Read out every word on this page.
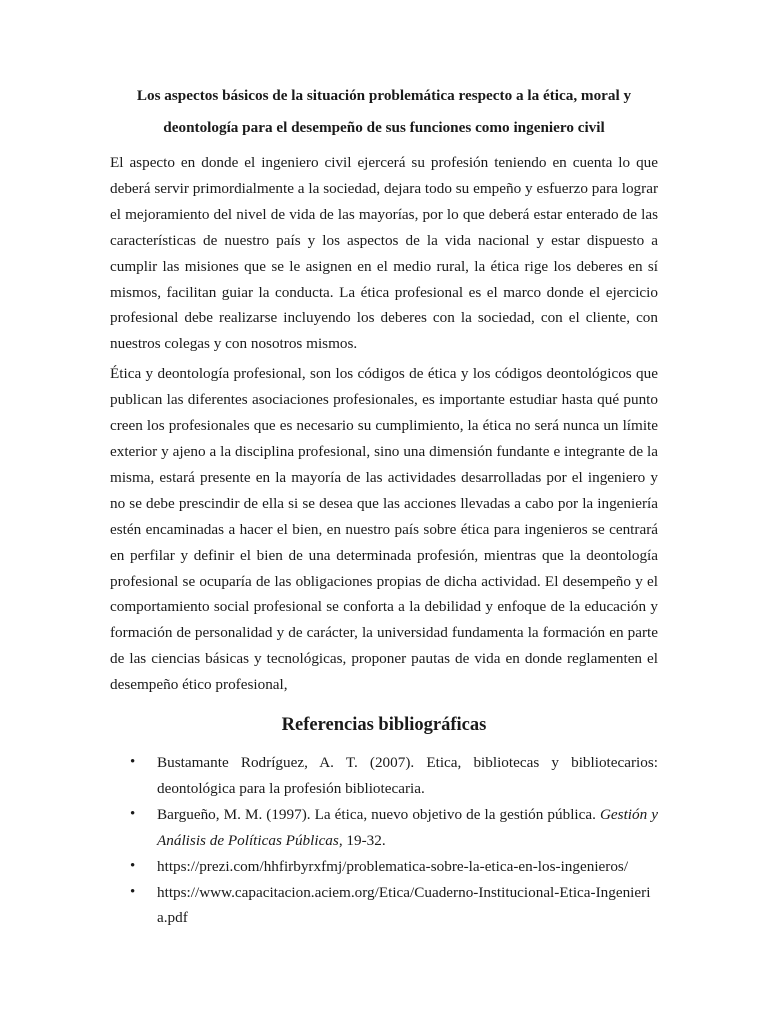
Los aspectos básicos de la situación problemática respecto a la ética, moral y deontología para el desempeño de sus funciones como ingeniero civil

El aspecto en donde el ingeniero civil ejercerá su profesión teniendo en cuenta lo que deberá servir primordialmente a la sociedad, dejara todo su empeño y esfuerzo para lograr el mejoramiento del nivel de vida de las mayorías, por lo que deberá estar enterado de las características de nuestro país y los aspectos de la vida nacional y estar dispuesto a cumplir las misiones que se le asignen en el medio rural, la ética rige los deberes en sí mismos, facilitan guiar la conducta. La ética profesional es el marco donde el ejercicio profesional debe realizarse incluyendo los deberes con la sociedad, con el cliente, con nuestros colegas y con nosotros mismos.

Ética y deontología profesional, son los códigos de ética y los códigos deontológicos que publican las diferentes asociaciones profesionales, es importante estudiar hasta qué punto creen los profesionales que es necesario su cumplimiento, la ética no será nunca un límite exterior y ajeno a la disciplina profesional, sino una dimensión fundante e integrante de la misma, estará presente en la mayoría de las actividades desarrolladas por el ingeniero y no se debe prescindir de ella si se desea que las acciones llevadas a cabo por la ingeniería estén encaminadas a hacer el bien, en nuestro país sobre ética para ingenieros se centrará en perfilar y definir el bien de una determinada profesión, mientras que la deontología profesional se ocuparía de las obligaciones propias de dicha actividad. El desempeño y el comportamiento social profesional se conforta a la debilidad y enfoque de la educación y formación de personalidad y de carácter, la universidad fundamenta la formación en parte de las ciencias básicas y tecnológicas, proponer pautas de vida en donde reglamenten el desempeño ético profesional,

Referencias bibliográficas
• Bustamante Rodríguez, A. T. (2007). Etica, bibliotecas y bibliotecarios: deontológica para la profesión bibliotecaria.
• Bargueño, M. M. (1997). La ética, nuevo objetivo de la gestión pública. Gestión y Análisis de Políticas Públicas, 19-32.
• https://prezi.com/hhfirbyrxfmj/problematica-sobre-la-etica-en-los-ingenieros/
• https://www.capacitacion.aciem.org/Etica/Cuaderno-Institucional-Etica-Ingenieria.pdf
